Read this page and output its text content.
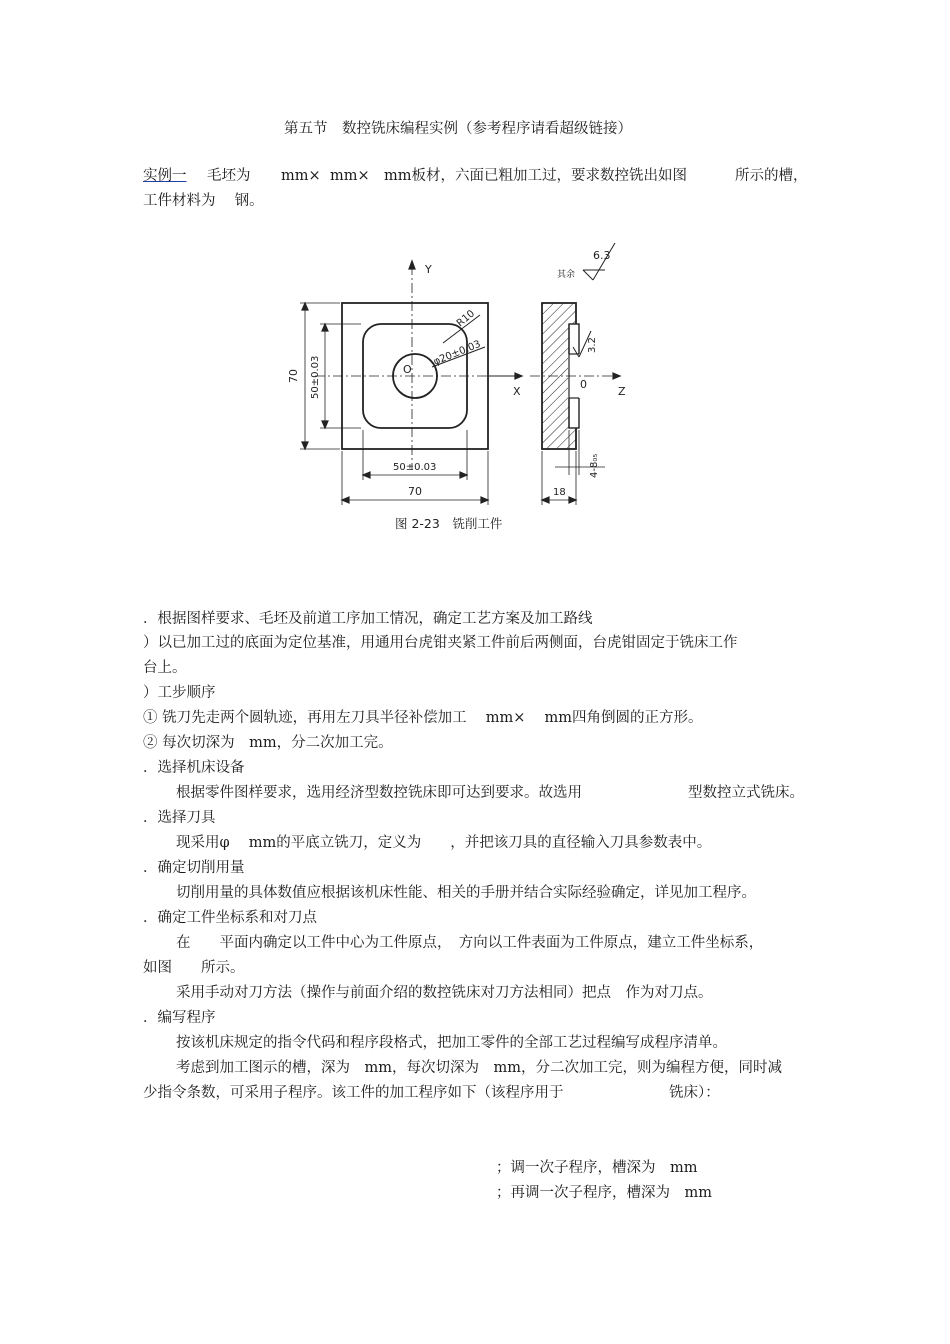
第五节　数控铣床编程实例（参考程序请看超级链接）
实例一 毛坯为 mm× mm× mm板材，六面已粗加工过，要求数控铣出如图	所示的槽，
工件材料为　 钢。
Y
X	Z
O
0
6.3
其余
70 50±0.03
50±0.03
70	18
R10
φ20±0.03	3.2
4-8₀₅
图 2-23　铣削工件
．根据图样要求、毛坯及前道工序加工情况，确定工艺方案及加工路线
）以已加工过的底面为定位基准，用通用台虎钳夹紧工件前后两侧面，台虎钳固定于铣床工作
台上。
）工步顺序
① 铣刀先走两个圆轨迹，再用左刀具半径补偿加工　 mm×　 mm四角倒圆的正方形。
② 每次切深为　mm，分二次加工完。
．选择机床设备
根据零件图样要求，选用经济型数控铣床即可达到要求。故选用	型数控立式铣床。
．选择刀具
现采用φ　 mm的平底立铣刀，定义为　　，并把该刀具的直径输入刀具参数表中。
．确定切削用量
切削用量的具体数值应根据该机床性能、相关的手册并结合实际经验确定，详见加工程序。
．确定工件坐标系和对刀点
在　　平面内确定以工件中心为工件原点，　方向以工件表面为工件原点，建立工件坐标系，
如图　　所示。
采用手动对刀方法（操作与前面介绍的数控铣床对刀方法相同）把点　作为对刀点。
．编写程序
按该机床规定的指令代码和程序段格式，把加工零件的全部工艺过程编写成程序清单。
考虑到加工图示的槽，深为　mm，每次切深为　mm，分二次加工完，则为编程方便，同时减
少指令条数，可采用子程序。该工件的加工程序如下（该程序用于	铣床）：
；调一次子程序，槽深为　mm
；再调一次子程序，槽深为　mm
